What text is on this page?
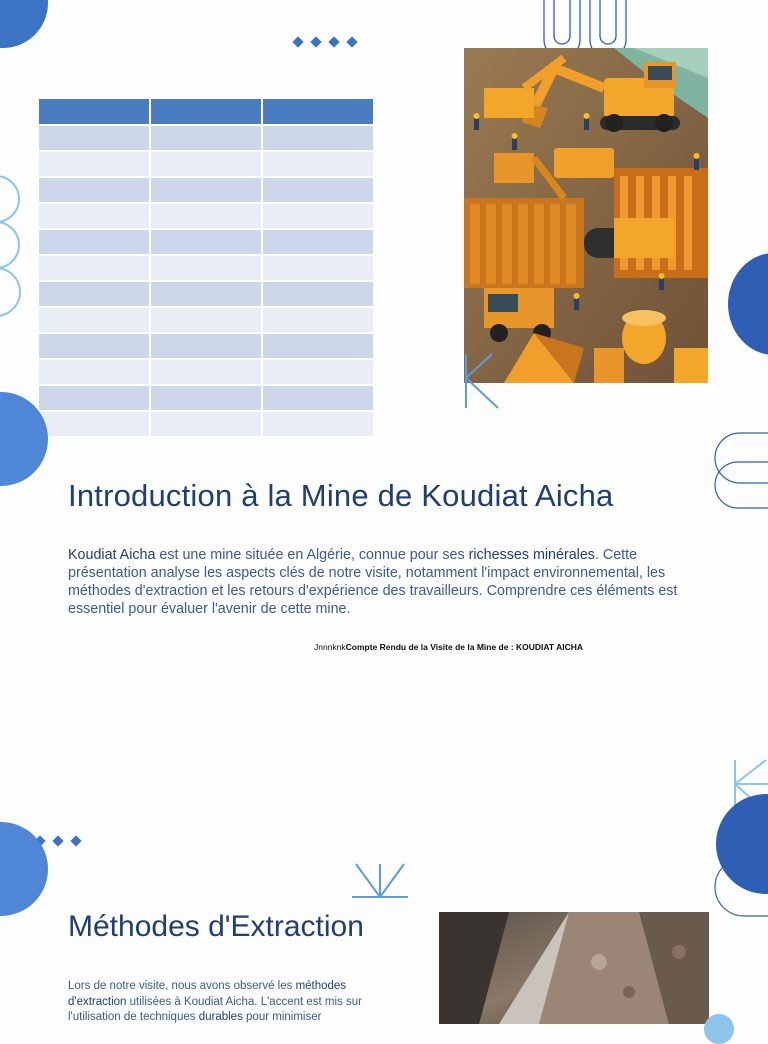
Introduction à la Mine de Koudiat Aicha

Koudiat Aicha est une mine située en Algérie, connue pour ses richesses minérales. Cette présentation analyse les aspects clés de notre visite, notamment l'impact environnemental, les méthodes d'extraction et les retours d'expérience des travailleurs. Comprendre ces éléments est essentiel pour évaluer l'avenir de cette mine.

JnnnknkCompte Rendu de la Visite de la Mine de : KOUDIAT AICHA
Méthodes d'Extraction

Lors de notre visite, nous avons observé les méthodes d'extraction utilisées à Koudiat Aicha. L'accent est mis sur l'utilisation de techniques durables pour minimiser
